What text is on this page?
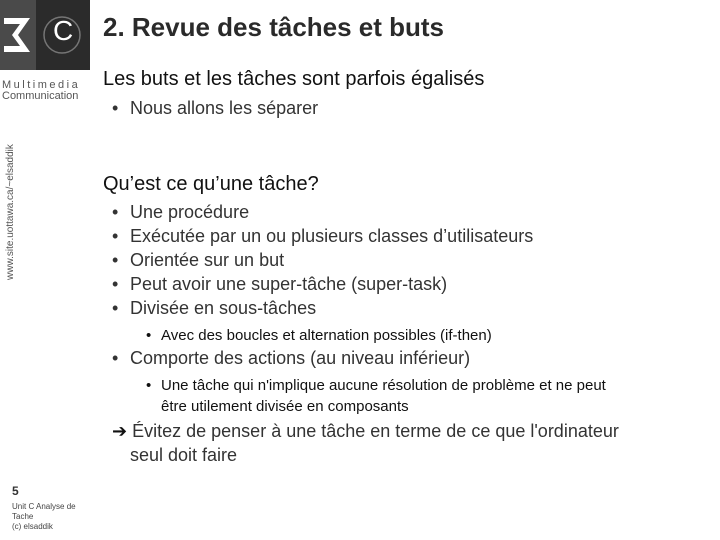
C
Multimedia
Communication
www.site.uottawa.ca/~elsaddik
5
Unit C Analyse de
Tache
(c) elsaddik
2. Revue des tâches et buts
Les buts et les tâches sont parfois égalisés
• Nous allons les séparer
Qu’est ce qu’une tâche?
• Une procédure
• Exécutée par un ou plusieurs classes d’utilisateurs
• Orientée sur un but
• Peut avoir une super-tâche (super-task)
• Divisée en sous-tâches
• Avec des boucles et alternation possibles (if-then)
• Comporte des actions (au niveau inférieur)
• Une tâche qui n'implique aucune résolution de problème et ne peut
être utilement divisée en composants
➔ Évitez de penser à une tâche en terme de ce que l'ordinateur
seul doit faire
